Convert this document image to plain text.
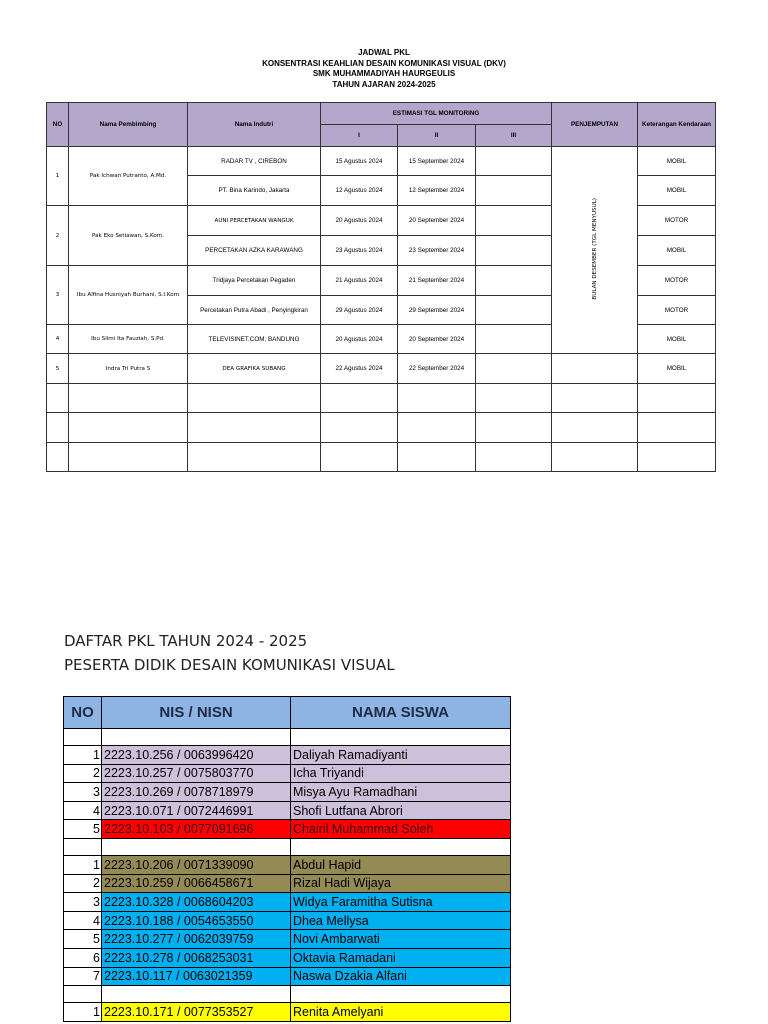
JADWAL PKL
KONSENTRASI KEAHLIAN DESAIN KOMUNIKASI VISUAL (DKV)
SMK MUHAMMADIYAH HAURGEULIS
TAHUN AJARAN 2024-2025
NO	Nama Pembimbing	Nama Indutri	ESTIMASI TGL MONITORING			PENJEMPUTAN	Keterangan Kendaraan
			I	II	III		
1	Pak Ichwan Putranto, A.Md.	RADAR TV , CIREBON	15 Agustus 2024	15 September 2024		BULAN DESEMBER (TGL MENYUSUL)	MOBIL
		PT. Bina Karindo, Jakarta	12 Agustus 2024	12 September 2024			MOBIL
2	Pak Eko Setiawan, S.Kom.	AUNI PERCETAKAN WANGUK	20 Agustus 2024	20 September 2024			MOTOR
		PERCETAKAN AZKA KARAWANG	23 Agustus 2024	23 September 2024			MOBIL
3	Ibu Alfina Husniyah Burhani, S.I.Kom	Tridjaya Percetakan Pegaden	21 Agustus 2024	21 September 2024			MOTOR
		Percetakan Putra Abadi , Penyingkiran	29 Agustus 2024	29 September 2024			MOTOR
4	Ibu Silmi Ita Fauziah, S.Pd.	TELEVISINET.COM, BANDUNG	20 Agustus 2024	20 September 2024			MOBIL
5	Indra Tri Putra S	DEA GRAFIKA SUBANG	22 Agustus 2024	22 September 2024			MOBIL

DAFTAR PKL TAHUN 2024 - 2025
PESERTA DIDIK DESAIN KOMUNIKASI VISUAL
NO	NIS / NISN	NAMA SISWA

1	2223.10.256 / 0063996420	Daliyah Ramadiyanti
2	2223.10.257 / 0075803770	Icha Triyandi
3	2223.10.269 / 0078718979	Misya Ayu Ramadhani
4	2223.10.071 / 0072446991	Shofi Lutfana Abrori
5	2223.10.103 / 0077091696	Chairil Muhammad Soleh

1	2223.10.206 / 0071339090	Abdul Hapid
2	2223.10.259 / 0066458671	Rizal Hadi Wijaya
3	2223.10.328 / 0068604203	Widya Faramitha Sutisna
4	2223.10.188 / 0054653550	Dhea Mellysa
5	2223.10.277 / 0062039759	Novi Ambarwati
6	2223.10.278 / 0068253031	Oktavia Ramadani
7	2223.10.117 / 0063021359	Naswa Dzakia Alfani

1	2223.10.171 / 0077353527	Renita Amelyani
